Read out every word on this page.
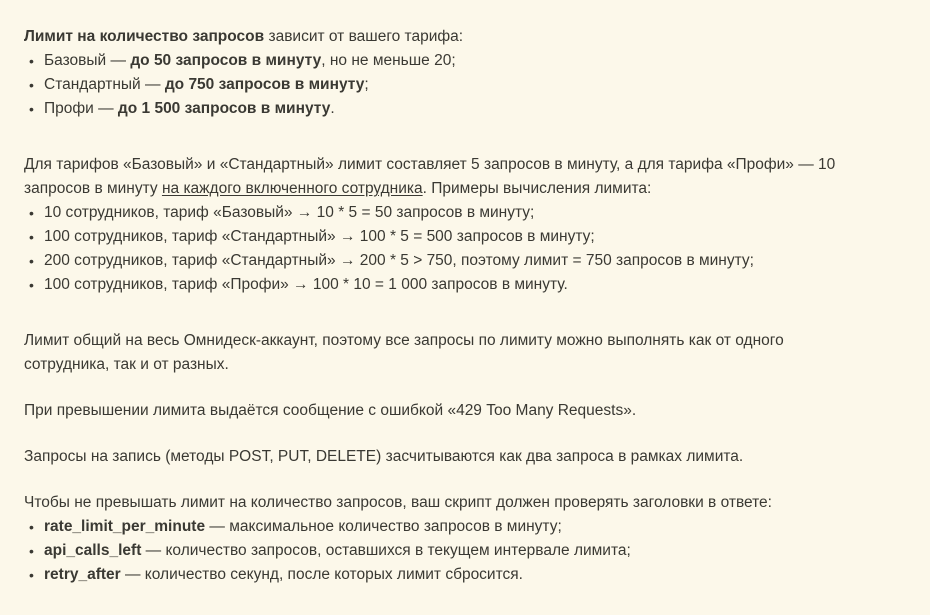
Лимит на количество запросов зависит от вашего тарифа:

• Базовый — до 50 запросов в минуту, но не меньше 20;
• Стандартный — до 750 запросов в минуту;
• Профи — до 1 500 запросов в минуту.

Для тарифов «Базовый» и «Стандартный» лимит составляет 5 запросов в минуту, а для тарифа «Профи» — 10
запросов в минуту на каждого включенного сотрудника. Примеры вычисления лимита:

• 10 сотрудников, тариф «Базовый» → 10 * 5 = 50 запросов в минуту;
• 100 сотрудников, тариф «Стандартный» → 100 * 5 = 500 запросов в минуту;
• 200 сотрудников, тариф «Стандартный» → 200 * 5 > 750, поэтому лимит = 750 запросов в минуту;
• 100 сотрудников, тариф «Профи» → 100 * 10 = 1 000 запросов в минуту.

Лимит общий на весь Омнидеск-аккаунт, поэтому все запросы по лимиту можно выполнять как от одного
сотрудника, так и от разных.

При превышении лимита выдаётся сообщение с ошибкой «429 Too Many Requests».

Запросы на запись (методы POST, PUT, DELETE) засчитываются как два запроса в рамках лимита.

Чтобы не превышать лимит на количество запросов, ваш скрипт должен проверять заголовки в ответе:

• rate_limit_per_minute — максимальное количество запросов в минуту;
• api_calls_left — количество запросов, оставшихся в текущем интервале лимита;
• retry_after — количество секунд, после которых лимит сбросится.
